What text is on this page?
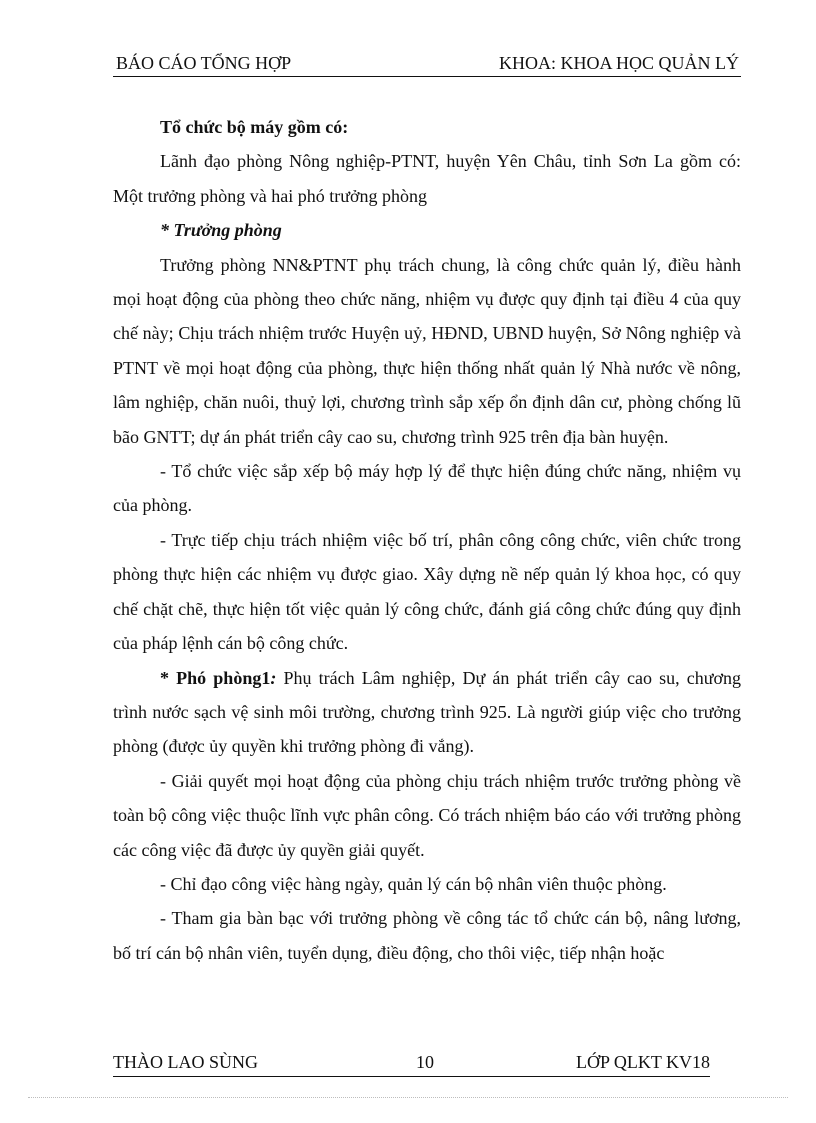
BÁO CÁO TỔNG HỢP	KHOA: KHOA HỌC QUẢN LÝ

Tổ chức bộ máy gồm có:

Lãnh đạo phòng Nông nghiệp-PTNT, huyện Yên Châu, tỉnh Sơn La gồm có: Một trưởng phòng và hai phó trưởng phòng

* Trưởng phòng

Trưởng phòng NN&PTNT phụ trách chung, là công chức quản lý, điều hành mọi hoạt động của phòng theo chức năng, nhiệm vụ được quy định tại điều 4 của quy chế này; Chịu trách nhiệm trước Huyện uỷ, HĐND, UBND huyện, Sở Nông nghiệp và PTNT về mọi hoạt động của phòng, thực hiện thống nhất quản lý Nhà nước về nông, lâm nghiệp, chăn nuôi, thuỷ lợi, chương trình sắp xếp ổn định dân cư, phòng chống lũ bão GNTT; dự án phát triển cây cao su, chương trình 925 trên địa bàn huyện.

- Tổ chức việc sắp xếp bộ máy hợp lý để thực hiện đúng chức năng, nhiệm vụ của phòng.

- Trực tiếp chịu trách nhiệm việc bố trí, phân công công chức, viên chức trong phòng thực hiện các nhiệm vụ được giao. Xây dựng nề nếp quản lý khoa học, có quy chế chặt chẽ, thực hiện tốt việc quản lý công chức, đánh giá công chức đúng quy định của pháp lệnh cán bộ công chức.

* Phó phòng1: Phụ trách Lâm nghiệp, Dự án phát triển cây cao su, chương trình nước sạch vệ sinh môi trường, chương trình 925. Là người giúp việc cho trưởng phòng (được ủy quyền khi trưởng phòng đi vắng).

- Giải quyết mọi hoạt động của phòng chịu trách nhiệm trước trưởng phòng về toàn bộ công việc thuộc lĩnh vực phân công. Có trách nhiệm báo cáo với trưởng phòng các công việc đã được ủy quyền giải quyết.

- Chỉ đạo công việc hàng ngày, quản lý cán bộ nhân viên thuộc phòng.

- Tham gia bàn bạc với trưởng phòng về công tác tổ chức cán bộ, nâng lương, bố trí cán bộ nhân viên, tuyển dụng, điều động, cho thôi việc, tiếp nhận hoặc

THÀO LAO SÙNG	10	LỚP QLKT KV18
